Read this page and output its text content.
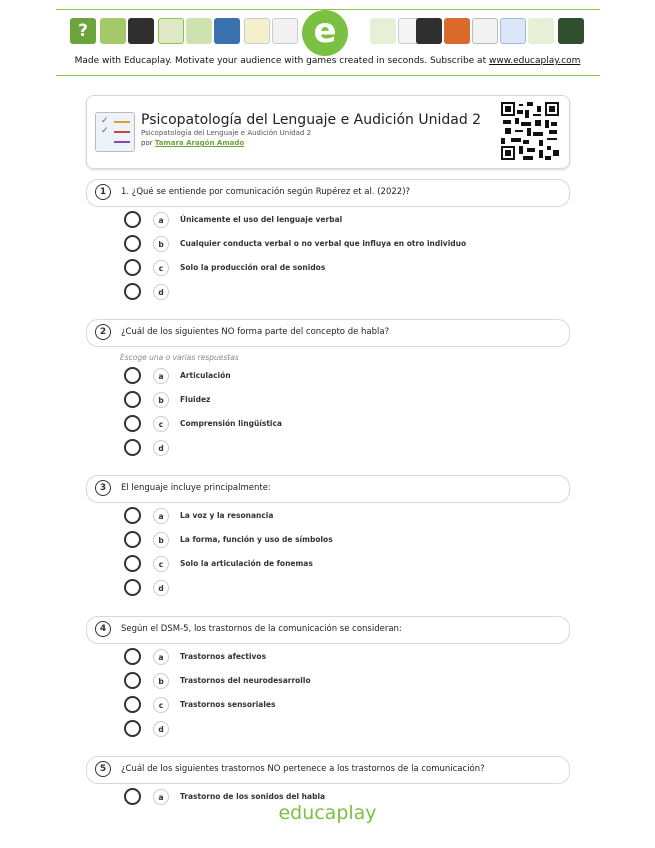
?	e
Made with Educaplay. Motivate your audience with games created in seconds. Subscribe at www.educaplay.com
✓
✓
Psicopatología del Lenguaje e Audición Unidad 2
Psicopatología del Lenguaje e Audición Unidad 2
por Tamara Aragón Amado
1	1. ¿Qué se entiende por comunicación según Rupérez et al. (2022)?
a	Únicamente el uso del lenguaje verbal
b	Cualquier conducta verbal o no verbal que influya en otro individuo
c	Solo la producción oral de sonidos
d
2	¿Cuál de los siguientes NO forma parte del concepto de habla?
Escoge una o varias respuestas
a	Articulación
b	Fluidez
c	Comprensión lingüística
d
3	El lenguaje incluye principalmente:
a	La voz y la resonancia
b	La forma, función y uso de símbolos
c	Solo la articulación de fonemas
d
4	Según el DSM-5, los trastornos de la comunicación se consideran:
a	Trastornos afectivos
b	Trastornos del neurodesarrollo
c	Trastornos sensoriales
d
5	¿Cuál de los siguientes trastornos NO pertenece a los trastornos de la comunicación?
a	Trastorno de los sonidos del habla
educaplay
